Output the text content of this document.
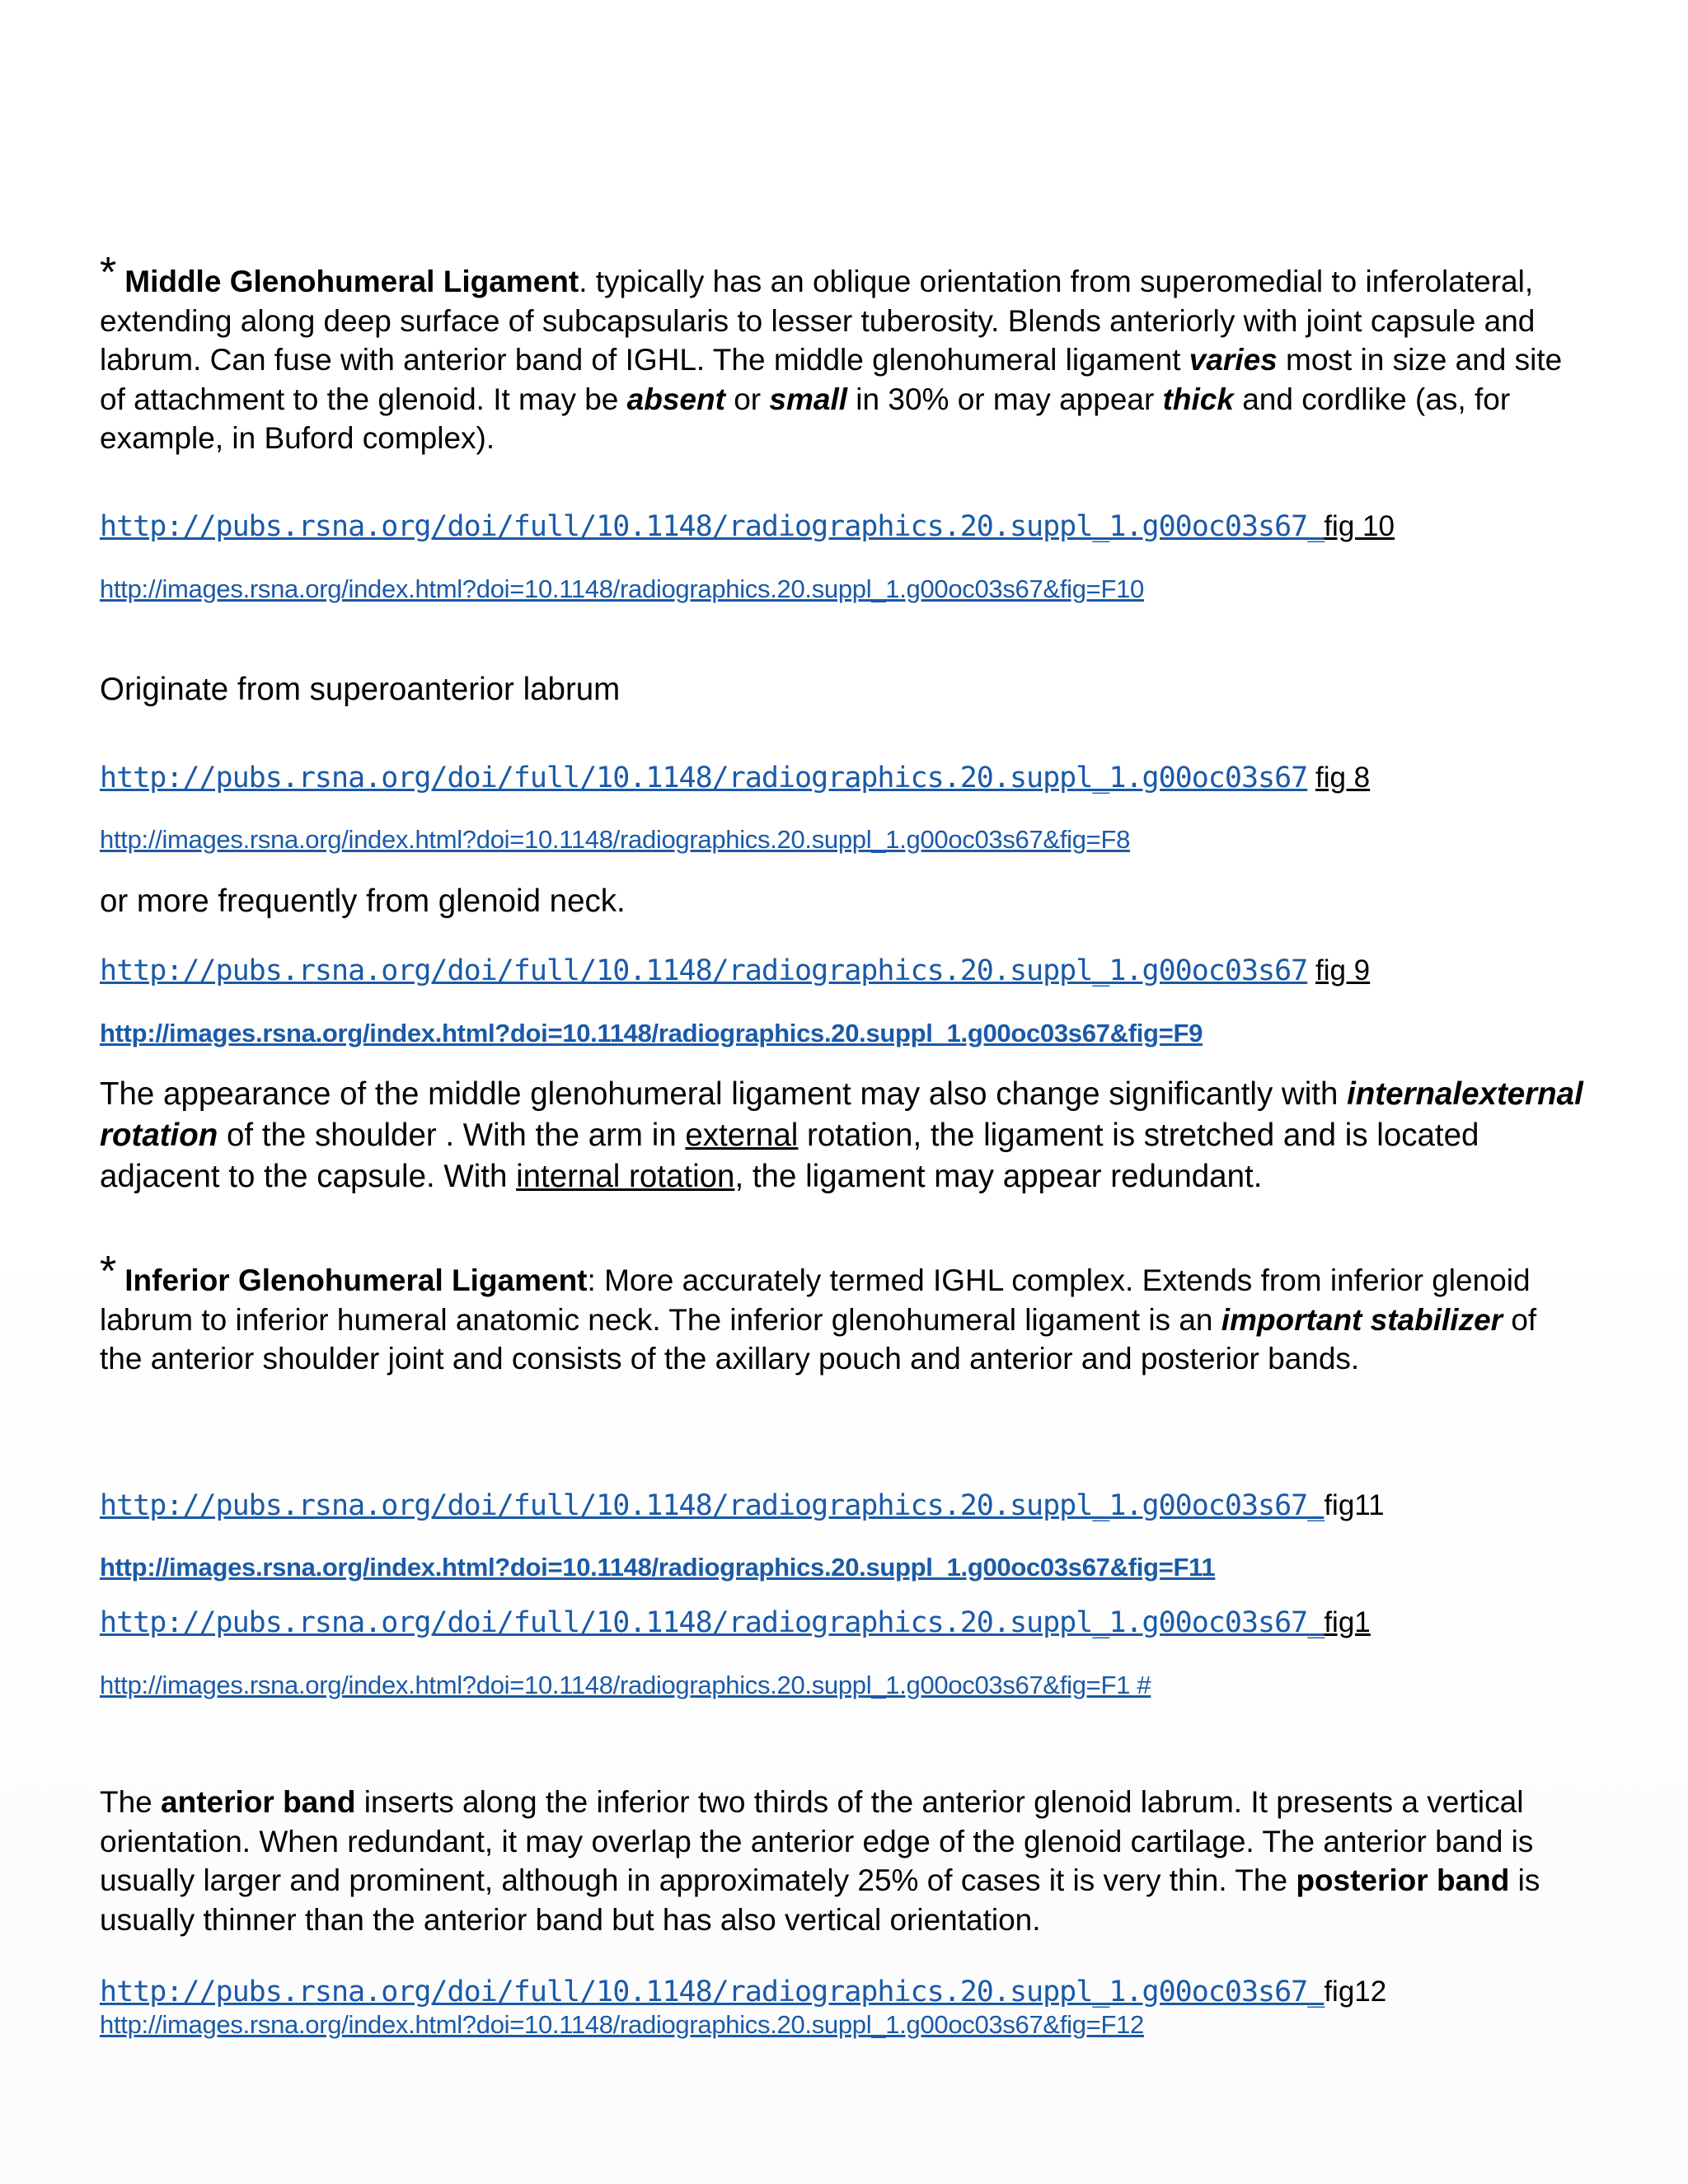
* Middle Glenohumeral Ligament. typically has an oblique orientation from superomedial to inferolateral, extending along deep surface of subcapsularis to lesser tuberosity. Blends anteriorly with joint capsule and labrum. Can fuse with anterior band of IGHL. The middle glenohumeral ligament varies most in size and site of attachment to the glenoid. It may be absent or small in 30% or may appear thick and cordlike (as, for example, in Buford complex).
http://pubs.rsna.org/doi/full/10.1148/radiographics.20.suppl_1.g00oc03s67_fig 10
http://images.rsna.org/index.html?doi=10.1148/radiographics.20.suppl_1.g00oc03s67&fig=F10
Originate from superoanterior labrum
http://pubs.rsna.org/doi/full/10.1148/radiographics.20.suppl_1.g00oc03s67 fig 8
http://images.rsna.org/index.html?doi=10.1148/radiographics.20.suppl_1.g00oc03s67&fig=F8
or more frequently from glenoid neck.
http://pubs.rsna.org/doi/full/10.1148/radiographics.20.suppl_1.g00oc03s67 fig 9
http://images.rsna.org/index.html?doi=10.1148/radiographics.20.suppl_1.g00oc03s67&fig=F9
The appearance of the middle glenohumeral ligament may also change significantly with internalexternal rotation of the shoulder . With the arm in external rotation, the ligament is stretched and is located adjacent to the capsule. With internal rotation, the ligament may appear redundant.
* Inferior Glenohumeral Ligament: More accurately termed IGHL complex. Extends from inferior glenoid labrum to inferior humeral anatomic neck. The inferior glenohumeral ligament is an important stabilizer of the anterior shoulder joint and consists of the axillary pouch and anterior and posterior bands.
http://pubs.rsna.org/doi/full/10.1148/radiographics.20.suppl_1.g00oc03s67_fig11
http://images.rsna.org/index.html?doi=10.1148/radiographics.20.suppl_1.g00oc03s67&fig=F11
http://pubs.rsna.org/doi/full/10.1148/radiographics.20.suppl_1.g00oc03s67_fig1
http://images.rsna.org/index.html?doi=10.1148/radiographics.20.suppl_1.g00oc03s67&fig=F1 #
The anterior band inserts along the inferior two thirds of the anterior glenoid labrum. It presents a vertical orientation. When redundant, it may overlap the anterior edge of the glenoid cartilage. The anterior band is usually larger and prominent, although in approximately 25% of cases it is very thin. The posterior band is usually thinner than the anterior band but has also vertical orientation.
http://pubs.rsna.org/doi/full/10.1148/radiographics.20.suppl_1.g00oc03s67_fig12
http://images.rsna.org/index.html?doi=10.1148/radiographics.20.suppl_1.g00oc03s67&fig=F12
